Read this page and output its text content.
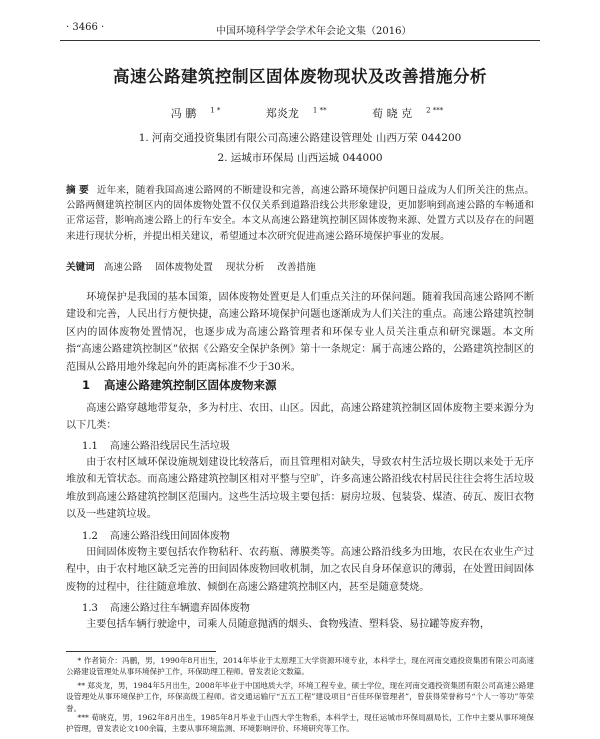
· 3466 ·	中国环境科学学会学术年会论文集（2016）
高速公路建筑控制区固体废物现状及改善措施分析
冯 鹏 $^{1 *}$	郑炎龙 $^{1 **}$	荀 晓 克 $^{2 ***}$
1. 河南交通投资集团有限公司高速公路建设管理处 山西万荣 044200
2. 运城市环保局 山西运城 044000
摘 要 近年来，随着我国高速公路网的不断建设和完善，高速公路环境保护问题日益成为人们所关注的焦点。公路两侧建筑控制区内的固体废物处置不仅仅关系到道路沿线公共形象建设，更加影响到高速公路的车畅通和正常运营，影响高速公路上的行车安全。本文从高速公路建筑控制区固体废物来源、处置方式以及存在的问题来进行现状分析，并提出相关建议，希望通过本次研究促进高速公路环境保护事业的发展。
关键词 高速公路 固体废物处置 现状分析 改善措施
环境保护是我国的基本国策，固体废物处置更是人们重点关注的环保问题。随着我国高速公路网不断建设和完善，人民出行方便快捷，高速公路环境保护问题也逐渐成为人们关注的重点。高速公路建筑控制区内的固体废物处置情况，也逐步成为高速公路管理者和环保专业人员关注重点和研究课题。本文所指“高速公路建筑控制区”依据《公路安全保护条例》第十一条规定：属于高速公路的，公路建筑控制区的范围从公路用地外缘起向外的距离标准不少于30米。
1 高速公路建筑控制区固体废物来源
高速公路穿越地带复杂，多为村庄、农田、山区。因此，高速公路建筑控制区固体废物主要来源分为以下几类：
1.1 高速公路沿线居民生活垃圾
由于农村区域环保设施规划建设比较落后，而且管理相对缺失，导致农村生活垃圾长期以来处于无序堆放和无管状态。而高速公路建筑控制区相对平整与空旷，许多高速公路沿线农村居民往往会将生活垃圾堆放到高速公路建筑控制区范围内。这些生活垃圾主要包括：厨房垃圾、包装袋、煤渣、砖瓦、废旧衣物以及一些建筑垃圾。
1.2 高速公路沿线田间固体废物
田间固体废物主要包括农作物秸秆、农药瓶、薄膜类等。高速公路沿线多为田地，农民在农业生产过程中，由于农村地区缺乏完善的田间固体废物回收机制，加之农民自身环保意识的薄弱，在处置田间固体废物的过程中，往往随意堆放、倾倒在高速公路建筑控制区内，甚至是随意焚烧。
1.3 高速公路过往车辆遗弃固体废物
主要包括车辆行驶途中，司乘人员随意抛洒的烟头、食物残渣、塑料袋、易拉罐等废弃物，
* 作者简介：冯鹏，男，1990年8月出生，2014年毕业于太原理工大学资源环境专业，本科学士，现在河南交通投资集团有限公司高速公路建设管理处从事环境保护工作，环保助理工程师。曾发表论文数篇。
** 郑炎龙，男，1984年5月出生，2008年毕业于中国地质大学，环境工程专业，硕士学位，现在河南交通投资集团有限公司高速公路建设管理处从事环境保护工作，环保高级工程师。省交通运输厅“五五工程”建设项目“百佳环保管理者”，曾获得荣誉称号“个人一等功”等荣誉。
*** 荀晓克，男，1962年8月出生，1985年8月毕业于山西大学生物系，本科学士，现任运城市环保局副局长，工作中主要从事环境保护管理，曾发表论文100余篇，主要从事环境监测、环境影响评价、环境研究等工作。
